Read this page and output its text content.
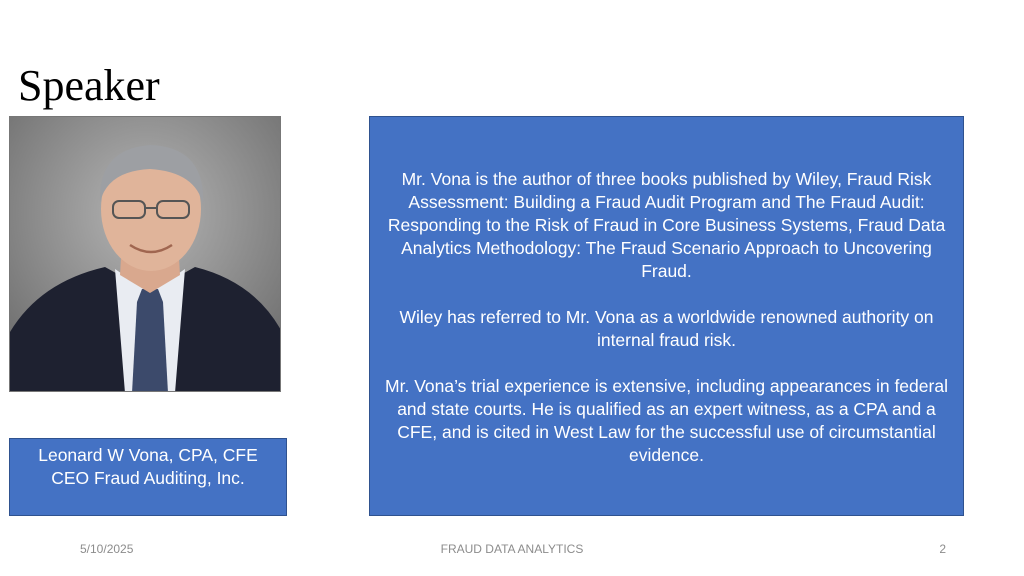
Speaker
Leonard W Vona, CPA, CFE
CEO Fraud Auditing, Inc.

Mr. Vona is the author of three books published by Wiley, Fraud Risk Assessment: Building a Fraud Audit Program and The Fraud Audit: Responding to the Risk of Fraud in Core Business Systems, Fraud Data Analytics Methodology: The Fraud Scenario Approach to Uncovering Fraud.

Wiley has referred to Mr. Vona as a worldwide renowned authority on internal fraud risk.

Mr. Vona’s trial experience is extensive, including appearances in federal and state courts. He is qualified as an expert witness, as a CPA and a CFE, and is cited in West Law for the successful use of circumstantial evidence.

5/10/2025	FRAUD DATA ANALYTICS	2
